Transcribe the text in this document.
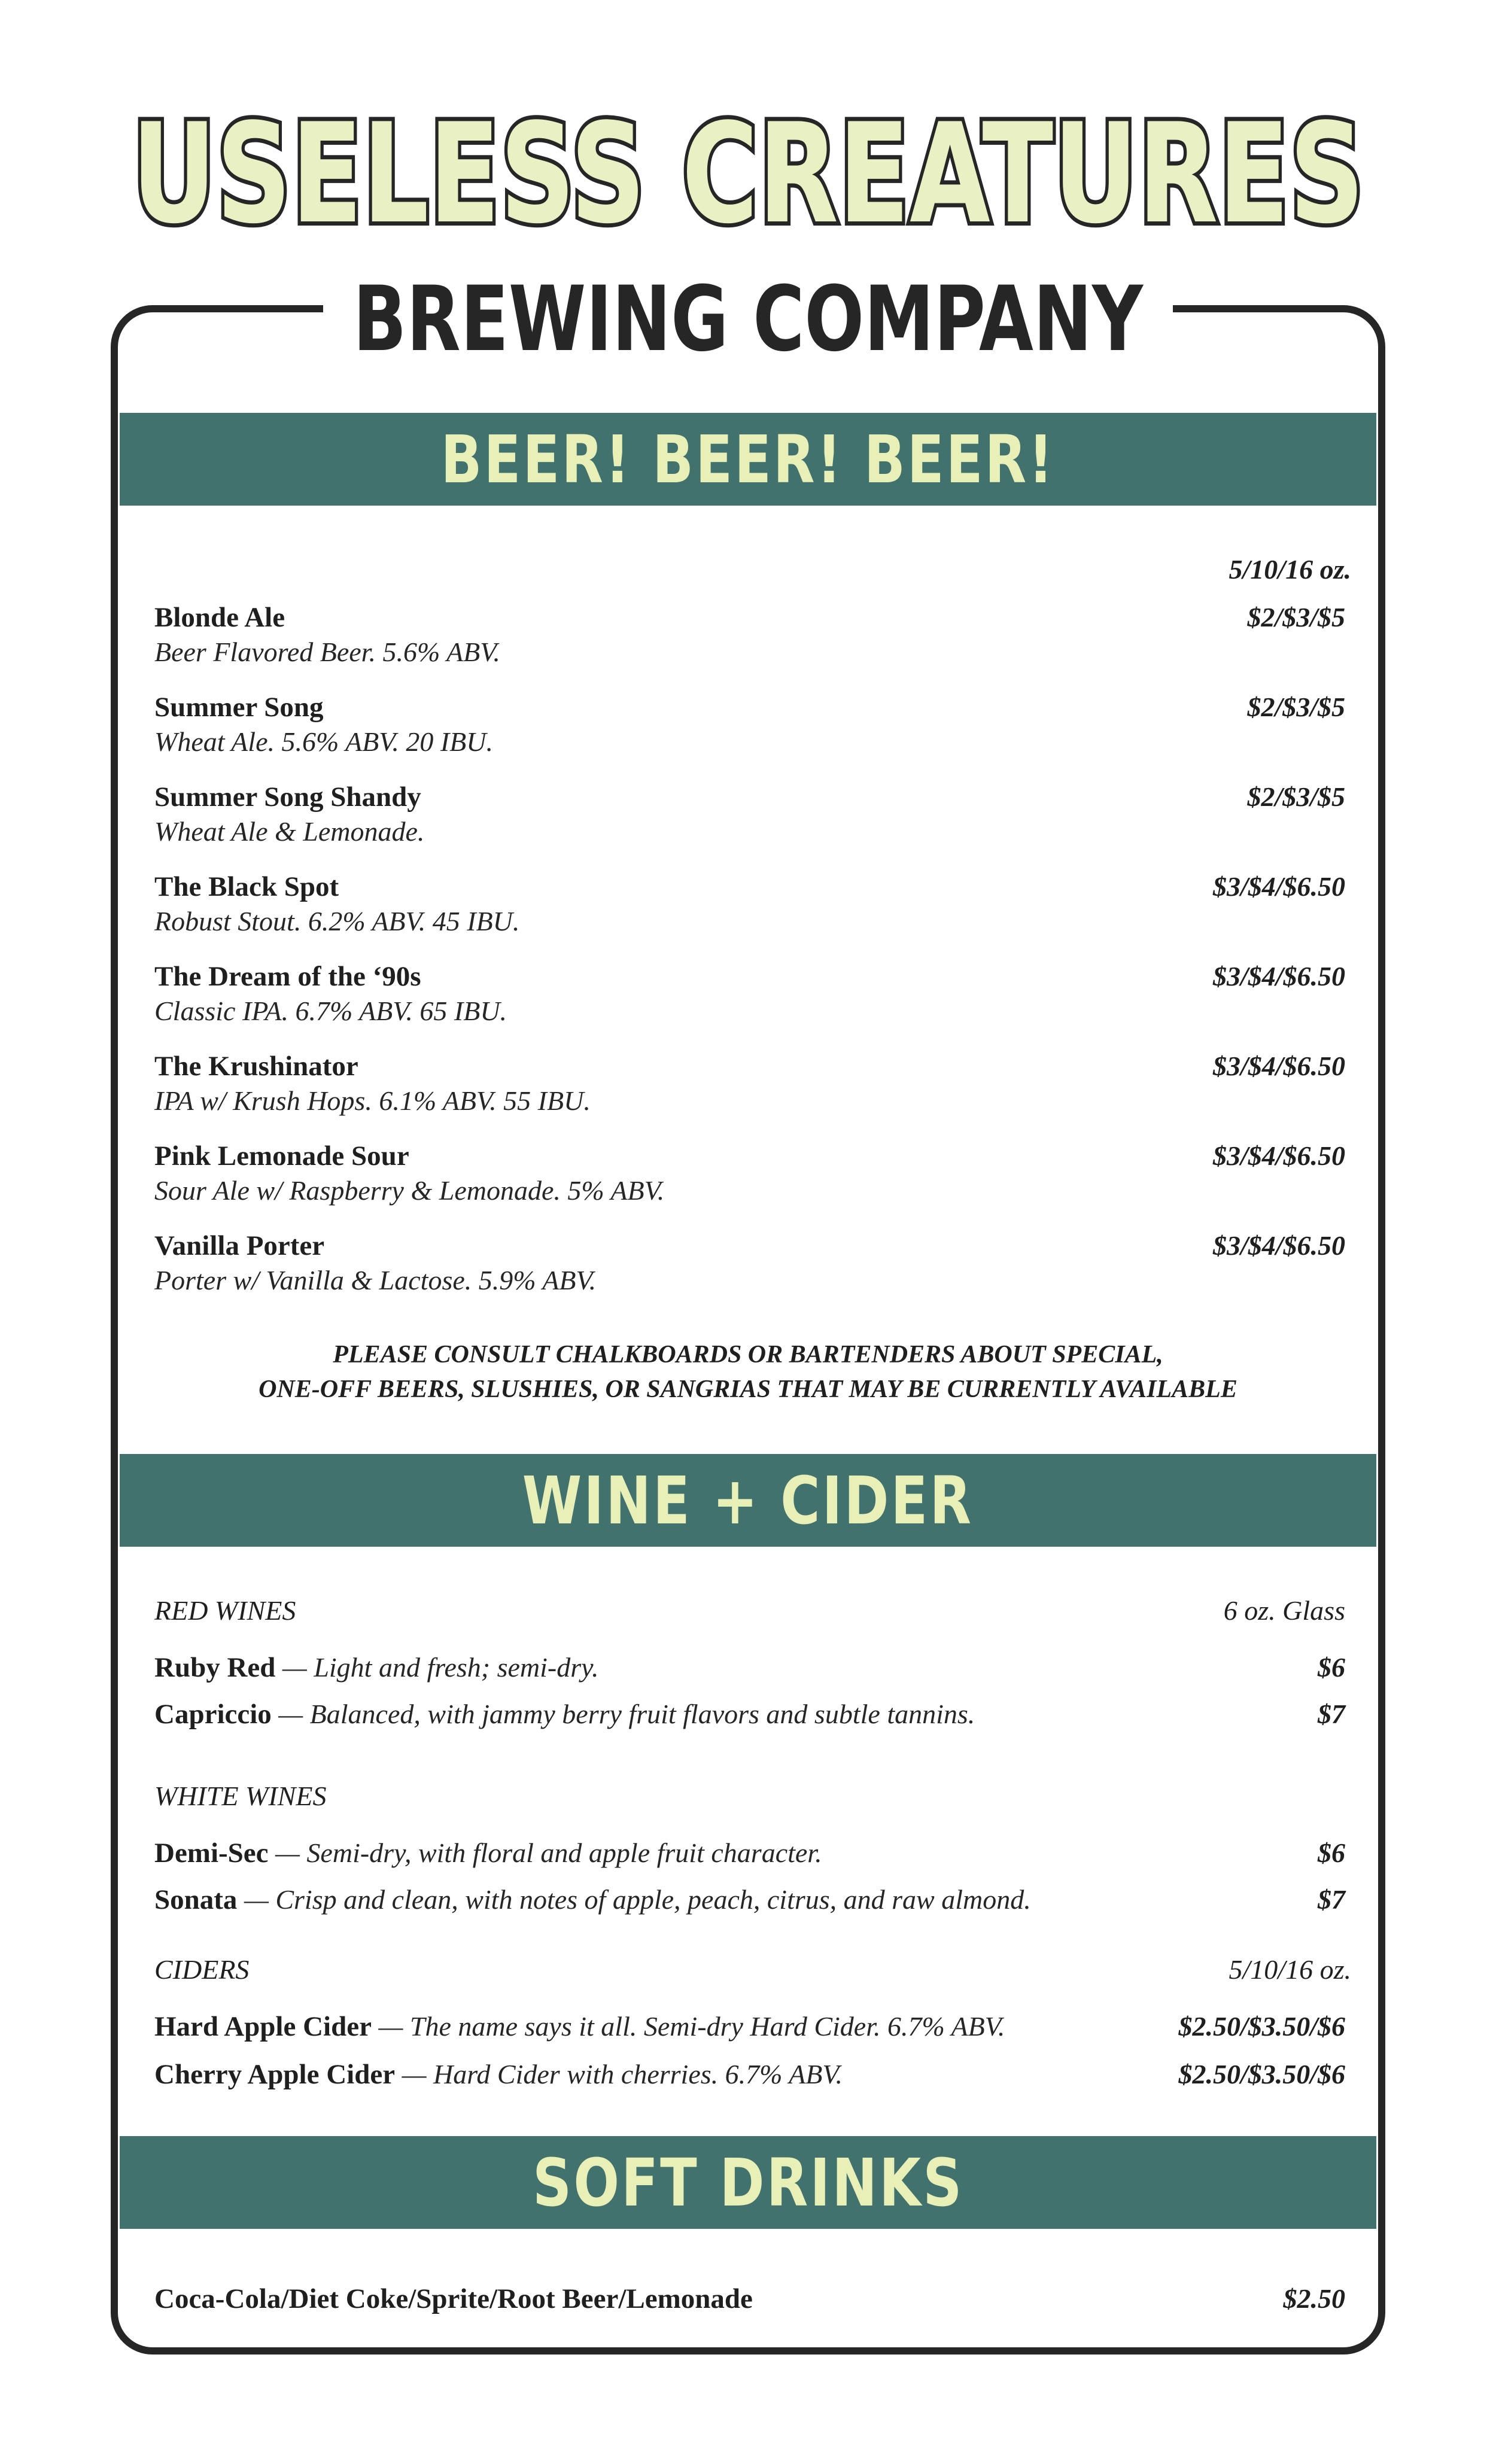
USELESS CREATURES
BREWING COMPANY
BEER! BEER! BEER!
5/10/16 oz.
Blonde Ale
Beer Flavored Beer. 5.6% ABV.
$2/$3/$5
Summer Song
Wheat Ale. 5.6% ABV. 20 IBU.
$2/$3/$5
Summer Song Shandy
Wheat Ale & Lemonade.
$2/$3/$5
The Black Spot
Robust Stout. 6.2% ABV. 45 IBU.
$3/$4/$6.50
The Dream of the ‘90s
Classic IPA. 6.7% ABV. 65 IBU.
$3/$4/$6.50
The Krushinator
IPA w/ Krush Hops. 6.1% ABV. 55 IBU.
$3/$4/$6.50
Pink Lemonade Sour
Sour Ale w/ Raspberry & Lemonade. 5% ABV.
$3/$4/$6.50
Vanilla Porter
Porter w/ Vanilla & Lactose. 5.9% ABV.
$3/$4/$6.50
PLEASE CONSULT CHALKBOARDS OR BARTENDERS ABOUT SPECIAL,
ONE-OFF BEERS, SLUSHIES, OR SANGRIAS THAT MAY BE CURRENTLY AVAILABLE
WINE + CIDER
RED WINES	6 oz. Glass
Ruby Red — Light and fresh; semi-dry.	$6
Capriccio — Balanced, with jammy berry fruit flavors and subtle tannins.	$7
WHITE WINES
Demi-Sec — Semi-dry, with floral and apple fruit character.	$6
Sonata — Crisp and clean, with notes of apple, peach, citrus, and raw almond.	$7
CIDERS	5/10/16 oz.
Hard Apple Cider — The name says it all. Semi-dry Hard Cider. 6.7% ABV.	$2.50/$3.50/$6
Cherry Apple Cider — Hard Cider with cherries. 6.7% ABV.	$2.50/$3.50/$6
SOFT DRINKS
Coca-Cola/Diet Coke/Sprite/Root Beer/Lemonade	$2.50
